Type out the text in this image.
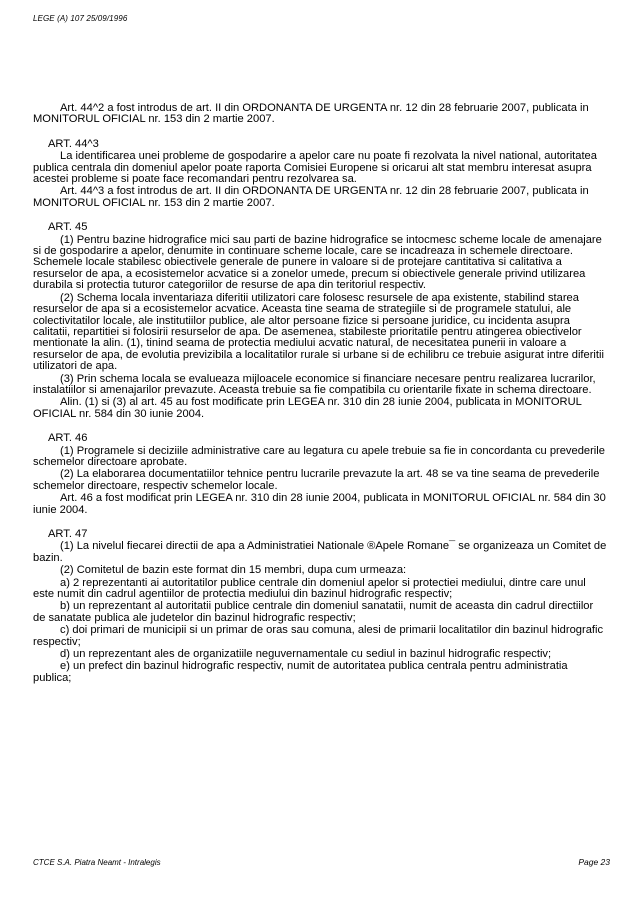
LEGE (A) 107 25/09/1996

Art. 44^2 a fost introdus de art. II din ORDONANTA DE URGENTA nr. 12 din 28 februarie 2007, publicata in MONITORUL OFICIAL nr. 153 din 2 martie 2007.

ART. 44^3

La identificarea unei probleme de gospodarire a apelor care nu poate fi rezolvata la nivel national, autoritatea publica centrala din domeniul apelor poate raporta Comisiei Europene si oricarui alt stat membru interesat asupra acestei probleme si poate face recomandari pentru rezolvarea sa.

Art. 44^3 a fost introdus de art. II din ORDONANTA DE URGENTA nr. 12 din 28 februarie 2007, publicata in MONITORUL OFICIAL nr. 153 din 2 martie 2007.

ART. 45

(1) Pentru bazine hidrografice mici sau parti de bazine hidrografice se intocmesc scheme locale de amenajare si de gospodarire a apelor, denumite in continuare scheme locale, care se incadreaza in schemele directoare. Schemele locale stabilesc obiectivele generale de punere in valoare si de protejare cantitativa si calitativa a resurselor de apa, a ecosistemelor acvatice si a zonelor umede, precum si obiectivele generale privind utilizarea durabila si protectia tuturor categoriilor de resurse de apa din teritoriul respectiv.

(2) Schema locala inventariaza diferitii utilizatori care folosesc resursele de apa existente, stabilind starea resurselor de apa si a ecosistemelor acvatice. Aceasta tine seama de strategiile si de programele statului, ale colectivitatilor locale, ale institutiilor publice, ale altor persoane fizice si persoane juridice, cu incidenta asupra calitatii, repartitiei si folosirii resurselor de apa. De asemenea, stabileste prioritatile pentru atingerea obiectivelor mentionate la alin. (1), tinind seama de protectia mediului acvatic natural, de necesitatea punerii in valoare a resurselor de apa, de evolutia previzibila a localitatilor rurale si urbane si de echilibru ce trebuie asigurat intre diferitii utilizatori de apa.

(3) Prin schema locala se evalueaza mijloacele economice si financiare necesare pentru realizarea lucrarilor, instalatiilor si amenajarilor prevazute. Aceasta trebuie sa fie compatibila cu orientarile fixate in schema directoare.

Alin. (1) si (3) al art. 45 au fost modificate prin LEGEA nr. 310 din 28 iunie 2004, publicata in MONITORUL OFICIAL nr. 584 din 30 iunie 2004.

ART. 46

(1) Programele si deciziile administrative care au legatura cu apele trebuie sa fie in concordanta cu prevederile schemelor directoare aprobate.

(2) La elaborarea documentatiilor tehnice pentru lucrarile prevazute la art. 48 se va tine seama de prevederile schemelor directoare, respectiv schemelor locale.

Art. 46 a fost modificat prin LEGEA nr. 310 din 28 iunie 2004, publicata in MONITORUL OFICIAL nr. 584 din 30 iunie 2004.

ART. 47

(1) La nivelul fiecarei directii de apa a Administratiei Nationale ®Apele Romane¯ se organizeaza un Comitet de bazin.

(2) Comitetul de bazin este format din 15 membri, dupa cum urmeaza:

a) 2 reprezentanti ai autoritatilor publice centrale din domeniul apelor si protectiei mediului, dintre care unul este numit din cadrul agentiilor de protectia mediului din bazinul hidrografic respectiv;

b) un reprezentant al autoritatii publice centrale din domeniul sanatatii, numit de aceasta din cadrul directiilor de sanatate publica ale judetelor din bazinul hidrografic respectiv;

c) doi primari de municipii si un primar de oras sau comuna, alesi de primarii localitatilor din bazinul hidrografic respectiv;

d) un reprezentant ales de organizatiile neguvernamentale cu sediul in bazinul hidrografic respectiv;

e) un prefect din bazinul hidrografic respectiv, numit de autoritatea publica centrala pentru administratia publica;

CTCE S.A. Piatra Neamt - Intralegis	Page 23
